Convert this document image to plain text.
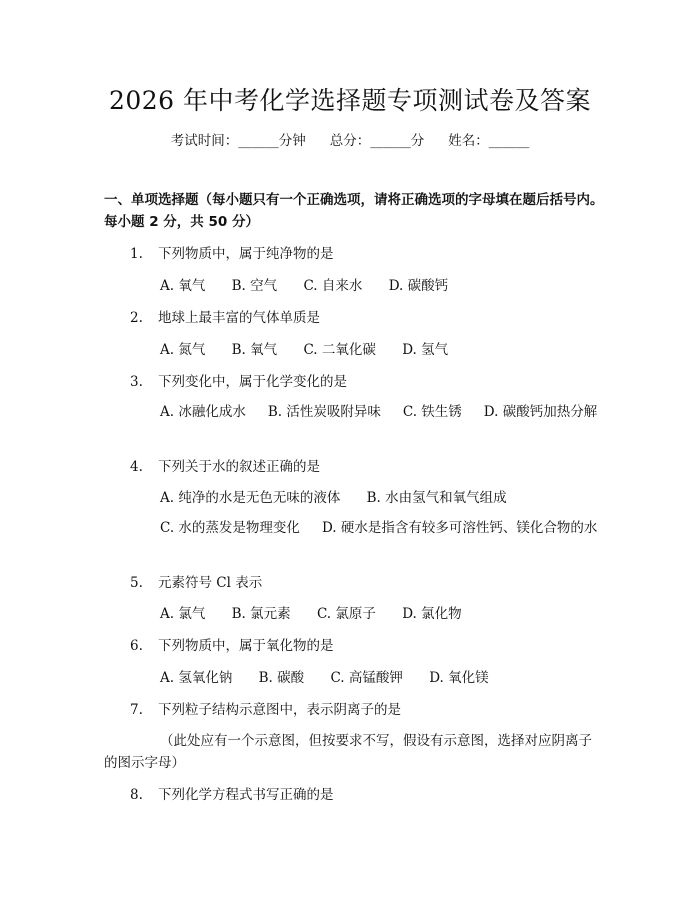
2026 年中考化学选择题专项测试卷及答案
考试时间：______分钟 总分：______分 姓名：______
一、单项选择题（每小题只有一个正确选项，请将正确选项的字母填在题后括号内。每小题 2 分，共 50 分）
1. 下列物质中，属于纯净物的是
A. 氧气 B. 空气 C. 自来水 D. 碳酸钙
2. 地球上最丰富的气体单质是
A. 氮气 B. 氧气 C. 二氧化碳 D. 氢气
3. 下列变化中，属于化学变化的是
A. 冰融化成水 B. 活性炭吸附异味 C. 铁生锈 D. 碳酸钙加热分解
4. 下列关于水的叙述正确的是
A. 纯净的水是无色无味的液体 B. 水由氢气和氧气组成
C. 水的蒸发是物理变化 D. 硬水是指含有较多可溶性钙、镁化合物的水
5. 元素符号 Cl 表示
A. 氯气 B. 氯元素 C. 氯原子 D. 氯化物
6. 下列物质中，属于氧化物的是
A. 氢氧化钠 B. 碳酸 C. 高锰酸钾 D. 氧化镁
7. 下列粒子结构示意图中，表示阴离子的是
（此处应有一个示意图，但按要求不写，假设有示意图，选择对应阴离子的图示字母）
8. 下列化学方程式书写正确的是
